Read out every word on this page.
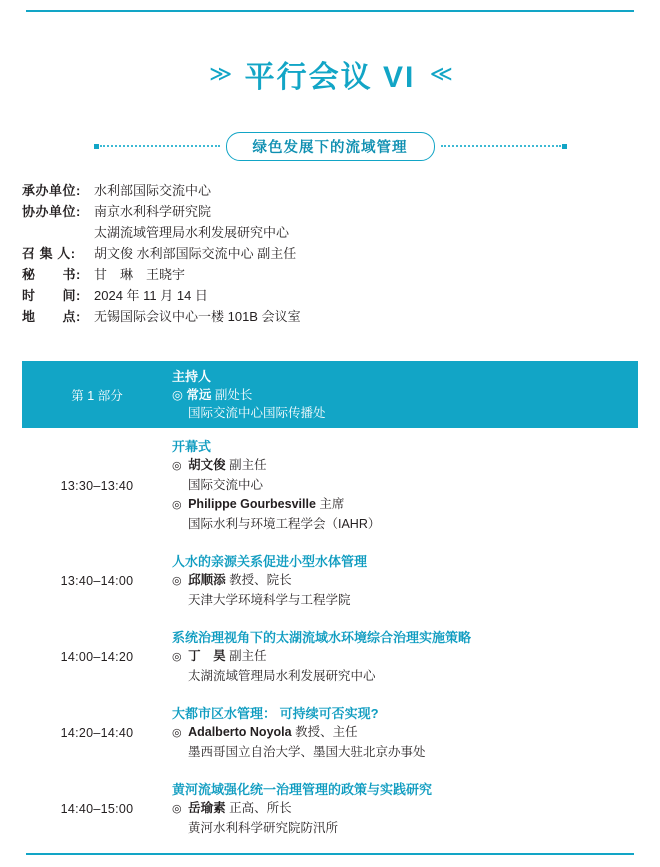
≫ 平行会议 VI ≪
绿色发展下的流域管理
承办单位:	水利部国际交流中心
协办单位:	南京水利科学研究院
太湖流域管理局水利发展研究中心
召 集 人:	胡文俊 水利部国际交流中心 副主任
秘　　书:	甘　琳　王晓宇
时　　间:	2024 年 11 月 14 日
地　　点:	无锡国际会议中心一楼 101B 会议室
第 1 部分
主持人
◎ 常远 副处长
国际交流中心国际传播处
13:30–13:40
开幕式
◎ 胡文俊 副主任
国际交流中心
◎ Philippe Gourbesville 主席
国际水利与环境工程学会（IAHR）
13:40–14:00
人水的亲源关系促进小型水体管理
◎ 邱顺添 教授、院长
天津大学环境科学与工程学院
14:00–14:20
系统治理视角下的太湖流域水环境综合治理实施策略
◎ 丁　昊 副主任
太湖流域管理局水利发展研究中心
14:20–14:40
大都市区水管理： 可持续可否实现?
◎ Adalberto Noyola 教授、主任
墨西哥国立自治大学、墨国大驻北京办事处
14:40–15:00
黄河流域强化统一治理管理的政策与实践研究
◎ 岳瑜素 正高、所长
黄河水利科学研究院防汛所
